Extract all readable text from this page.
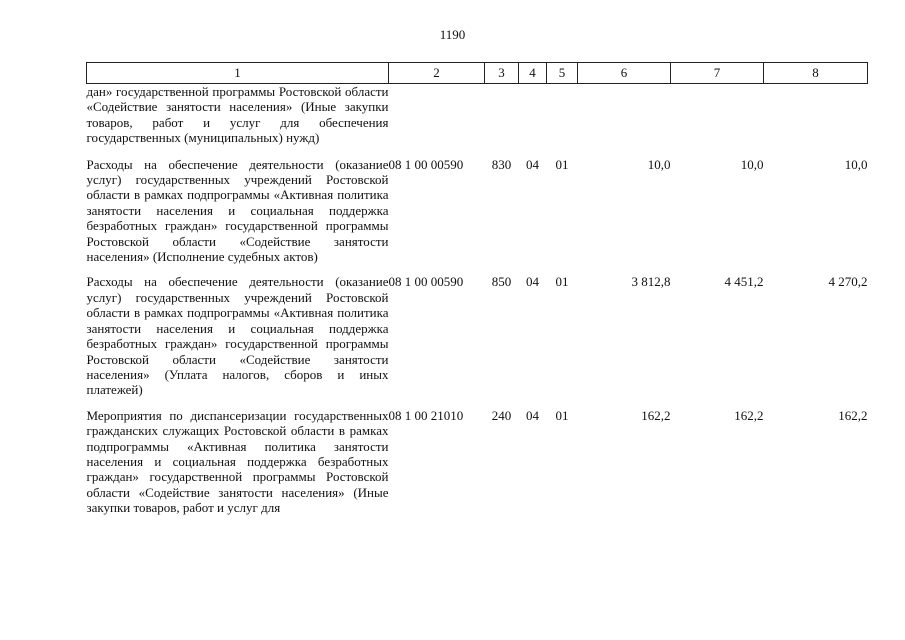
1190
1	2	3	4	5	6	7	8
дан» государственной программы Ростовской области «Содействие занятости населения» (Иные закупки товаров, работ и услуг для обеспечения государственных (муниципальных) нужд)							
Расходы на обеспечение деятельности (оказание услуг) государственных учреждений Ростовской области в рамках подпрограммы «Активная политика занятости населения и социальная поддержка безработных граждан» государственной программы Ростовской области «Содействие занятости населения» (Исполнение судебных актов)	08 1 00 00590	830	04	01	10,0	10,0	10,0
Расходы на обеспечение деятельности (оказание услуг) государственных учреждений Ростовской области в рамках подпрограммы «Активная политика занятости населения и социальная поддержка безработных граждан» государственной программы Ростовской области «Содействие занятости населения» (Уплата налогов, сборов и иных платежей)	08 1 00 00590	850	04	01	3 812,8	4 451,2	4 270,2
Мероприятия по диспансеризации государственных гражданских служащих Ростовской области в рамках подпрограммы «Активная политика занятости населения и социальная поддержка безработных граждан» государственной программы Ростовской области «Содействие занятости населения» (Иные закупки товаров, работ и услуг для	08 1 00 21010	240	04	01	162,2	162,2	162,2
